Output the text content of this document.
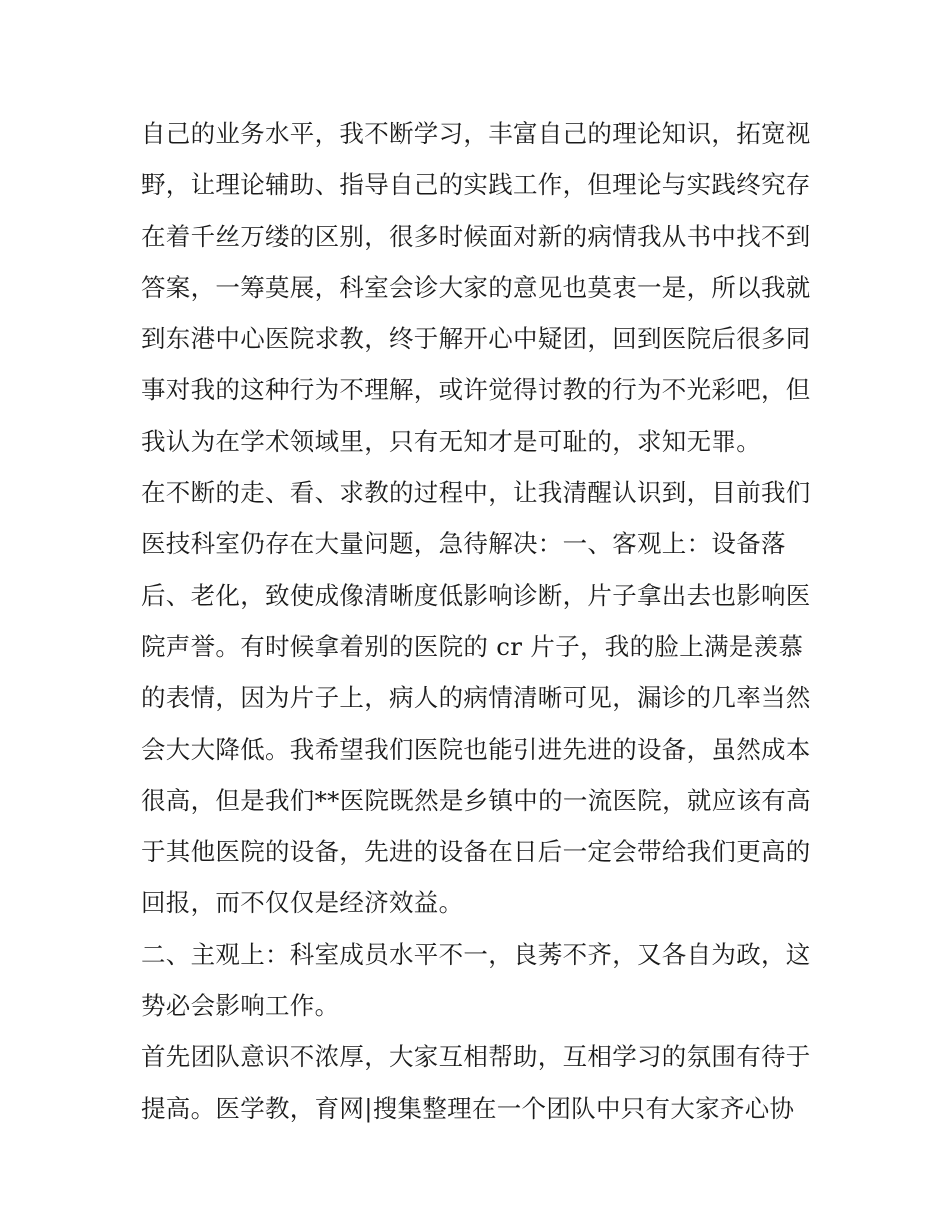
自己的业务水平，我不断学习，丰富自己的理论知识，拓宽视
野，让理论辅助、指导自己的实践工作，但理论与实践终究存
在着千丝万缕的区别，很多时候面对新的病情我从书中找不到
答案，一筹莫展，科室会诊大家的意见也莫衷一是，所以我就
到东港中心医院求教，终于解开心中疑团，回到医院后很多同
事对我的这种行为不理解，或许觉得讨教的行为不光彩吧，但
我认为在学术领域里，只有无知才是可耻的，求知无罪。
在不断的走、看、求教的过程中，让我清醒认识到，目前我们
医技科室仍存在大量问题，急待解决：一、客观上：设备落
后、老化，致使成像清晰度低影响诊断，片子拿出去也影响医
院声誉。有时候拿着别的医院的 cr 片子，我的脸上满是羡慕
的表情，因为片子上，病人的病情清晰可见，漏诊的几率当然
会大大降低。我希望我们医院也能引进先进的设备，虽然成本
很高，但是我们**医院既然是乡镇中的一流医院，就应该有高
于其他医院的设备，先进的设备在日后一定会带给我们更高的
回报，而不仅仅是经济效益。
二、主观上：科室成员水平不一，良莠不齐，又各自为政，这
势必会影响工作。
首先团队意识不浓厚，大家互相帮助，互相学习的氛围有待于
提高。医学教，育网|搜集整理在一个团队中只有大家齐心协
